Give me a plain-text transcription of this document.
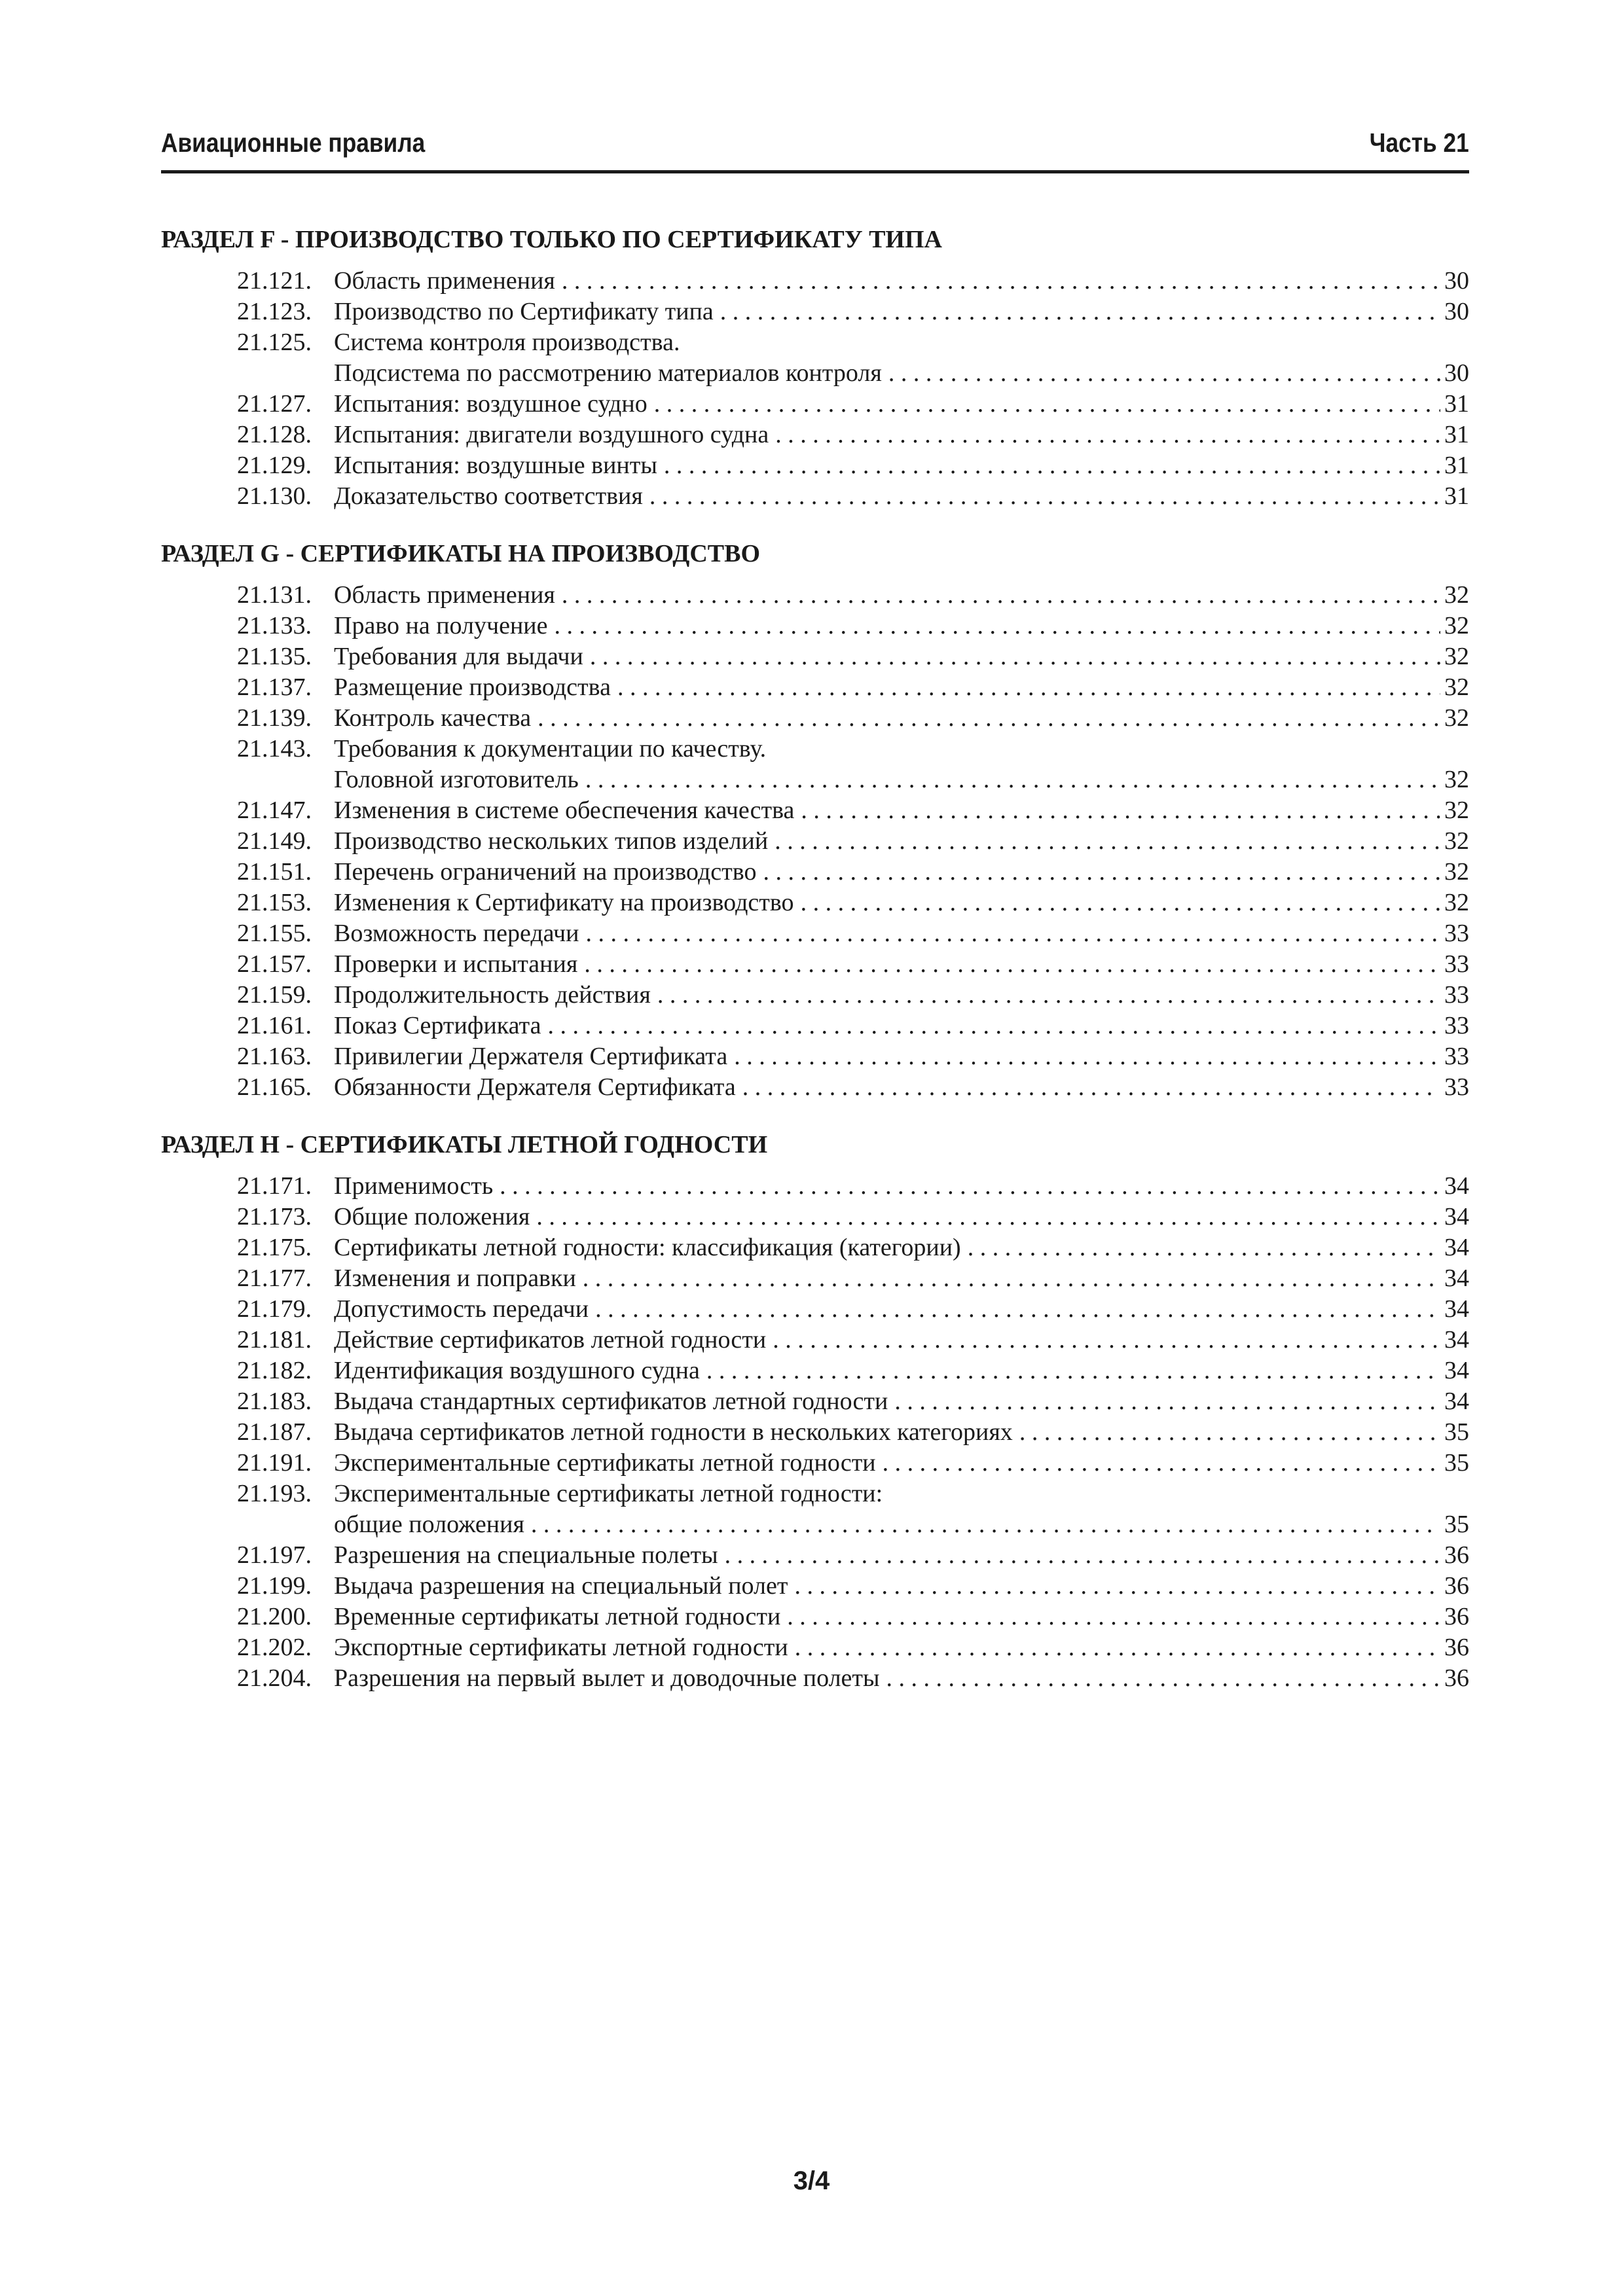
Авиационные правила	Часть 21
РАЗДЕЛ F - ПРОИЗВОДСТВО ТОЛЬКО ПО СЕРТИФИКАТУ ТИПА
21.121. Область применения . . .	30
21.123. Производство по Сертификату типа . . .	30
21.125. Система контроля производства.
Подсистема по рассмотрению материалов контроля . . .	30
21.127. Испытания: воздушное судно . . .	31
21.128. Испытания: двигатели воздушного судна . . .	31
21.129. Испытания: воздушные винты . . .	31
21.130. Доказательство соответствия . . .	31
РАЗДЕЛ G - СЕРТИФИКАТЫ НА ПРОИЗВОДСТВО
21.131. Область применения . . .	32
21.133. Право на получение . . .	32
21.135. Требования для выдачи . . .	32
21.137. Размещение производства . . .	32
21.139. Контроль качества . . .	32
21.143. Требования к документации по качеству.
Головной изготовитель . . .	32
21.147. Изменения в системе обеспечения качества . . .	32
21.149. Производство нескольких типов изделий . . .	32
21.151. Перечень ограничений на производство . . .	32
21.153. Изменения к Сертификату на производство . . .	32
21.155. Возможность передачи . . .	33
21.157. Проверки и испытания . . .	33
21.159. Продолжительность действия . . .	33
21.161. Показ Сертификата . . .	33
21.163. Привилегии Держателя Сертификата . . .	33
21.165. Обязанности Держателя Сертификата . . .	33
РАЗДЕЛ H - СЕРТИФИКАТЫ ЛЕТНОЙ ГОДНОСТИ
21.171. Применимость . . .	34
21.173. Общие положения . . .	34
21.175. Сертификаты летной годности: классификация (категории) . . .	34
21.177. Изменения и поправки . . .	34
21.179. Допустимость передачи . . .	34
21.181. Действие сертификатов летной годности . . .	34
21.182. Идентификация воздушного судна . . .	34
21.183. Выдача стандартных сертификатов летной годности . . .	34
21.187. Выдача сертификатов летной годности в нескольких категориях . . .	35
21.191. Экспериментальные сертификаты летной годности . . .	35
21.193. Экспериментальные сертификаты летной годности:
общие положения . . .	35
21.197. Разрешения на специальные полеты . . .	36
21.199. Выдача разрешения на специальный полет . . .	36
21.200. Временные сертификаты летной годности . . .	36
21.202. Экспортные сертификаты летной годности . . .	36
21.204. Разрешения на первый вылет и доводочные полеты . . .	36
3/4
